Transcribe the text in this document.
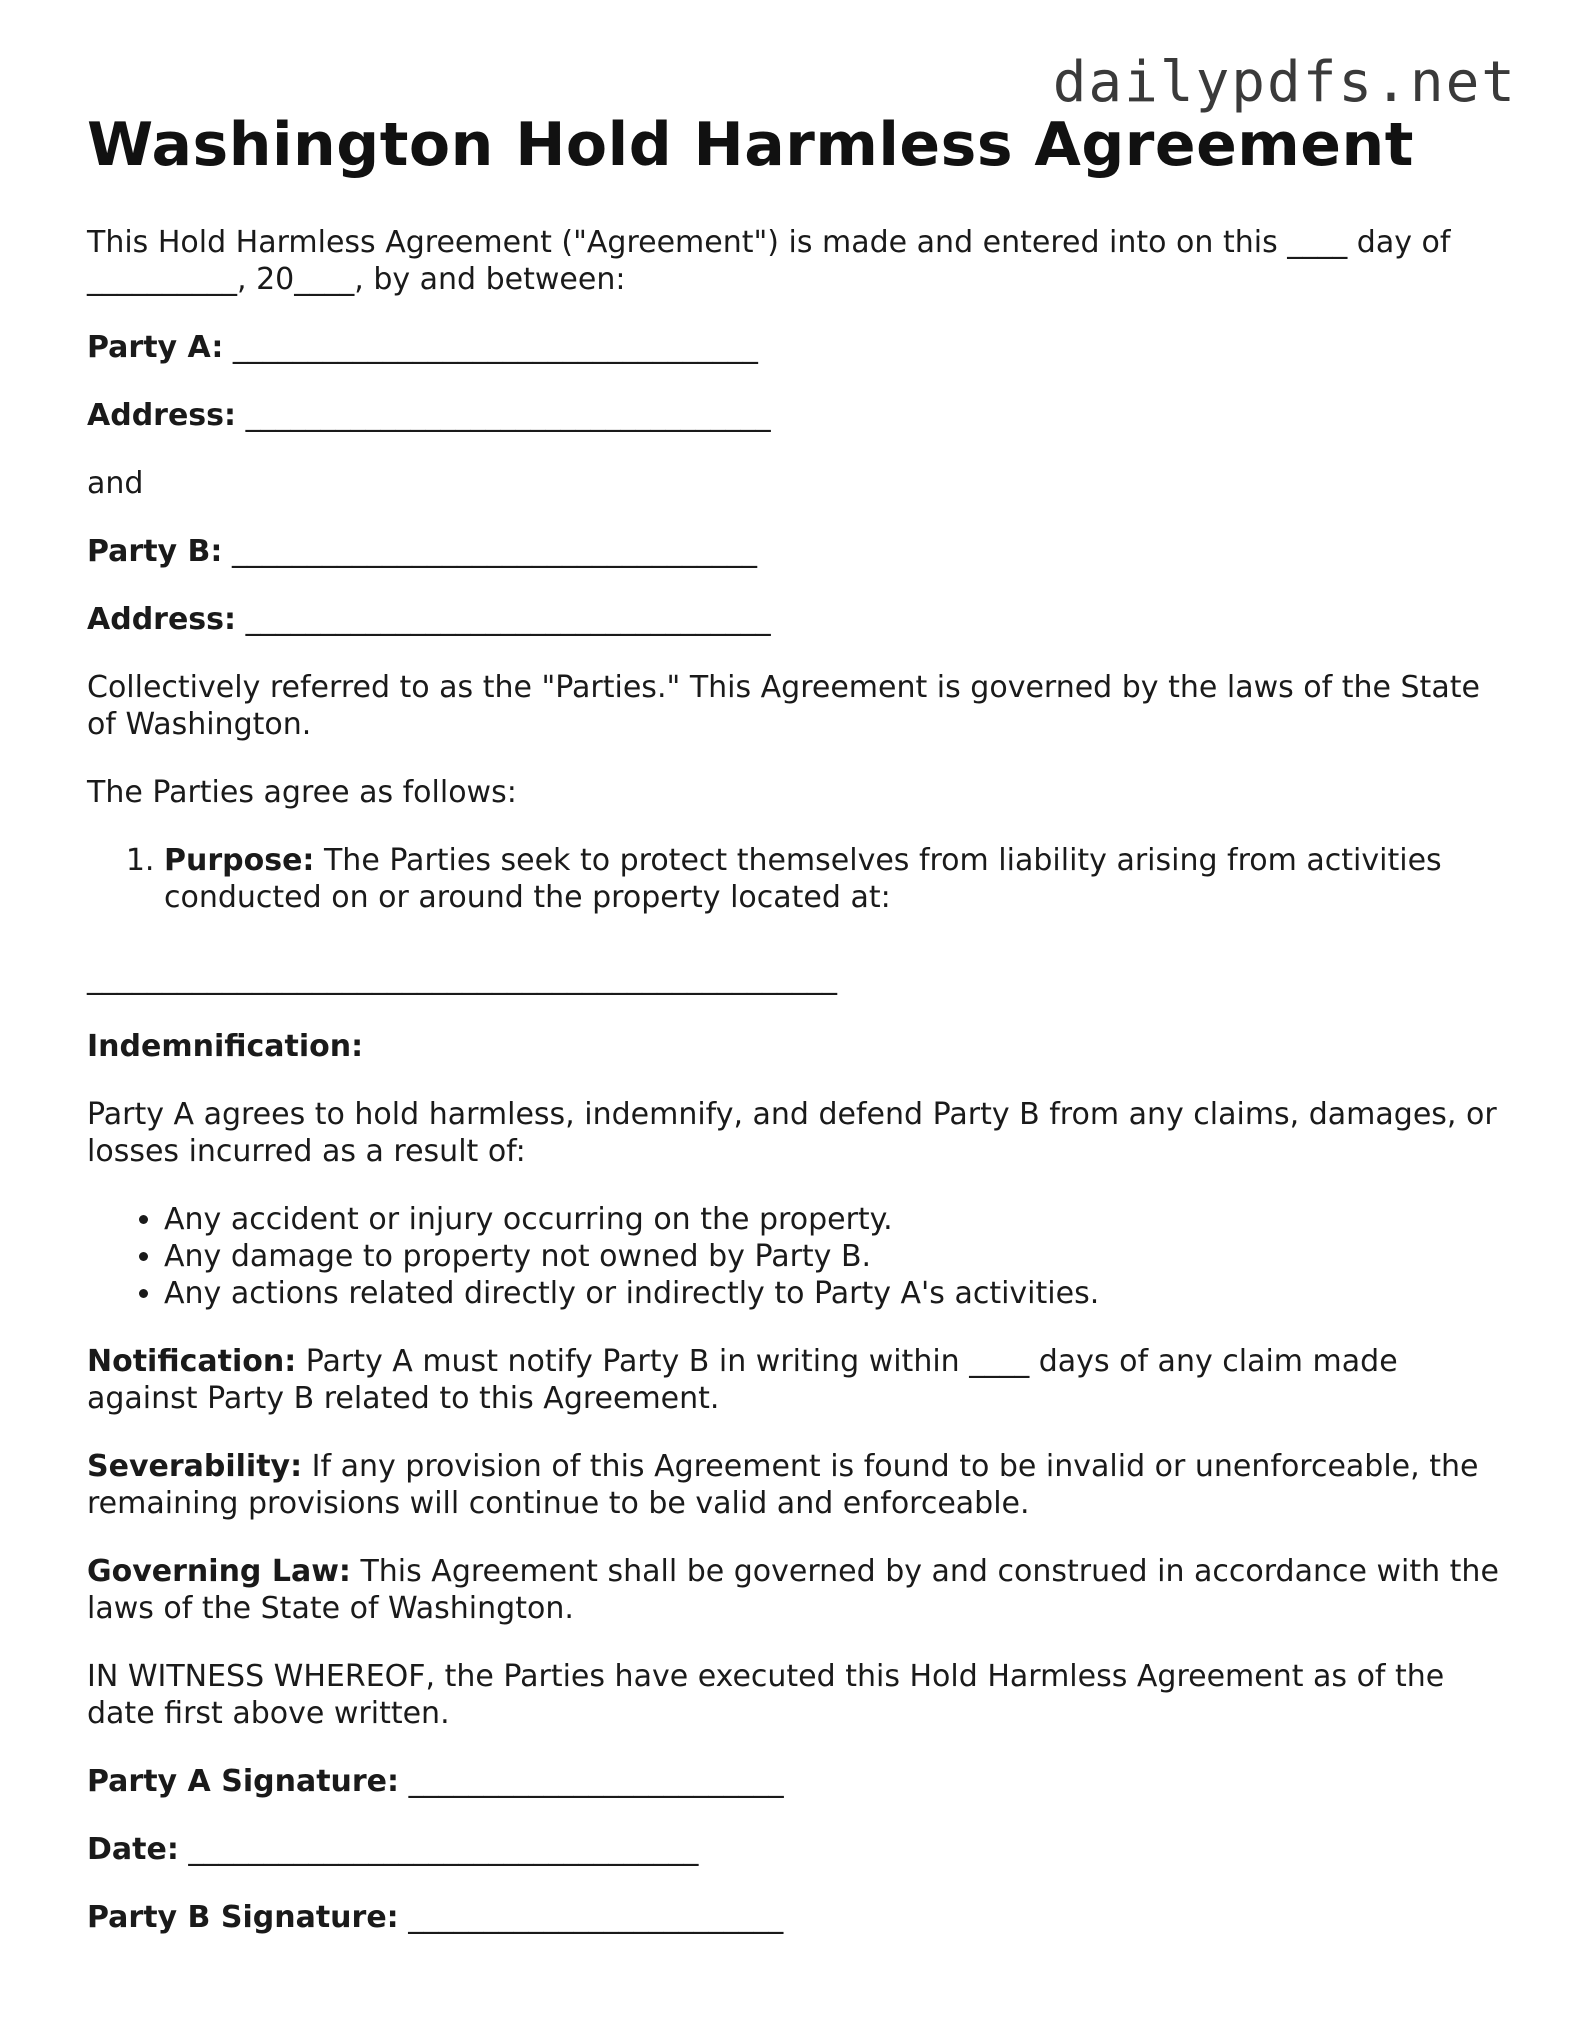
dailypdfs.net
Washington Hold Harmless Agreement

This Hold Harmless Agreement ("Agreement") is made and entered into on this ____ day of __________, 20____, by and between:

Party A: ___________________________________

Address: ___________________________________

and

Party B: ___________________________________

Address: ___________________________________

Collectively referred to as the "Parties." This Agreement is governed by the laws of the State of Washington.

The Parties agree as follows:

1. Purpose: The Parties seek to protect themselves from liability arising from activities conducted on or around the property located at:

__________________________________________________

Indemnification:

Party A agrees to hold harmless, indemnify, and defend Party B from any claims, damages, or losses incurred as a result of:

• Any accident or injury occurring on the property.
• Any damage to property not owned by Party B.
• Any actions related directly or indirectly to Party A's activities.

Notification: Party A must notify Party B in writing within ____ days of any claim made against Party B related to this Agreement.

Severability: If any provision of this Agreement is found to be invalid or unenforceable, the remaining provisions will continue to be valid and enforceable.

Governing Law: This Agreement shall be governed by and construed in accordance with the laws of the State of Washington.

IN WITNESS WHEREOF, the Parties have executed this Hold Harmless Agreement as of the date first above written.

Party A Signature: _________________________

Date: __________________________________

Party B Signature: _________________________
